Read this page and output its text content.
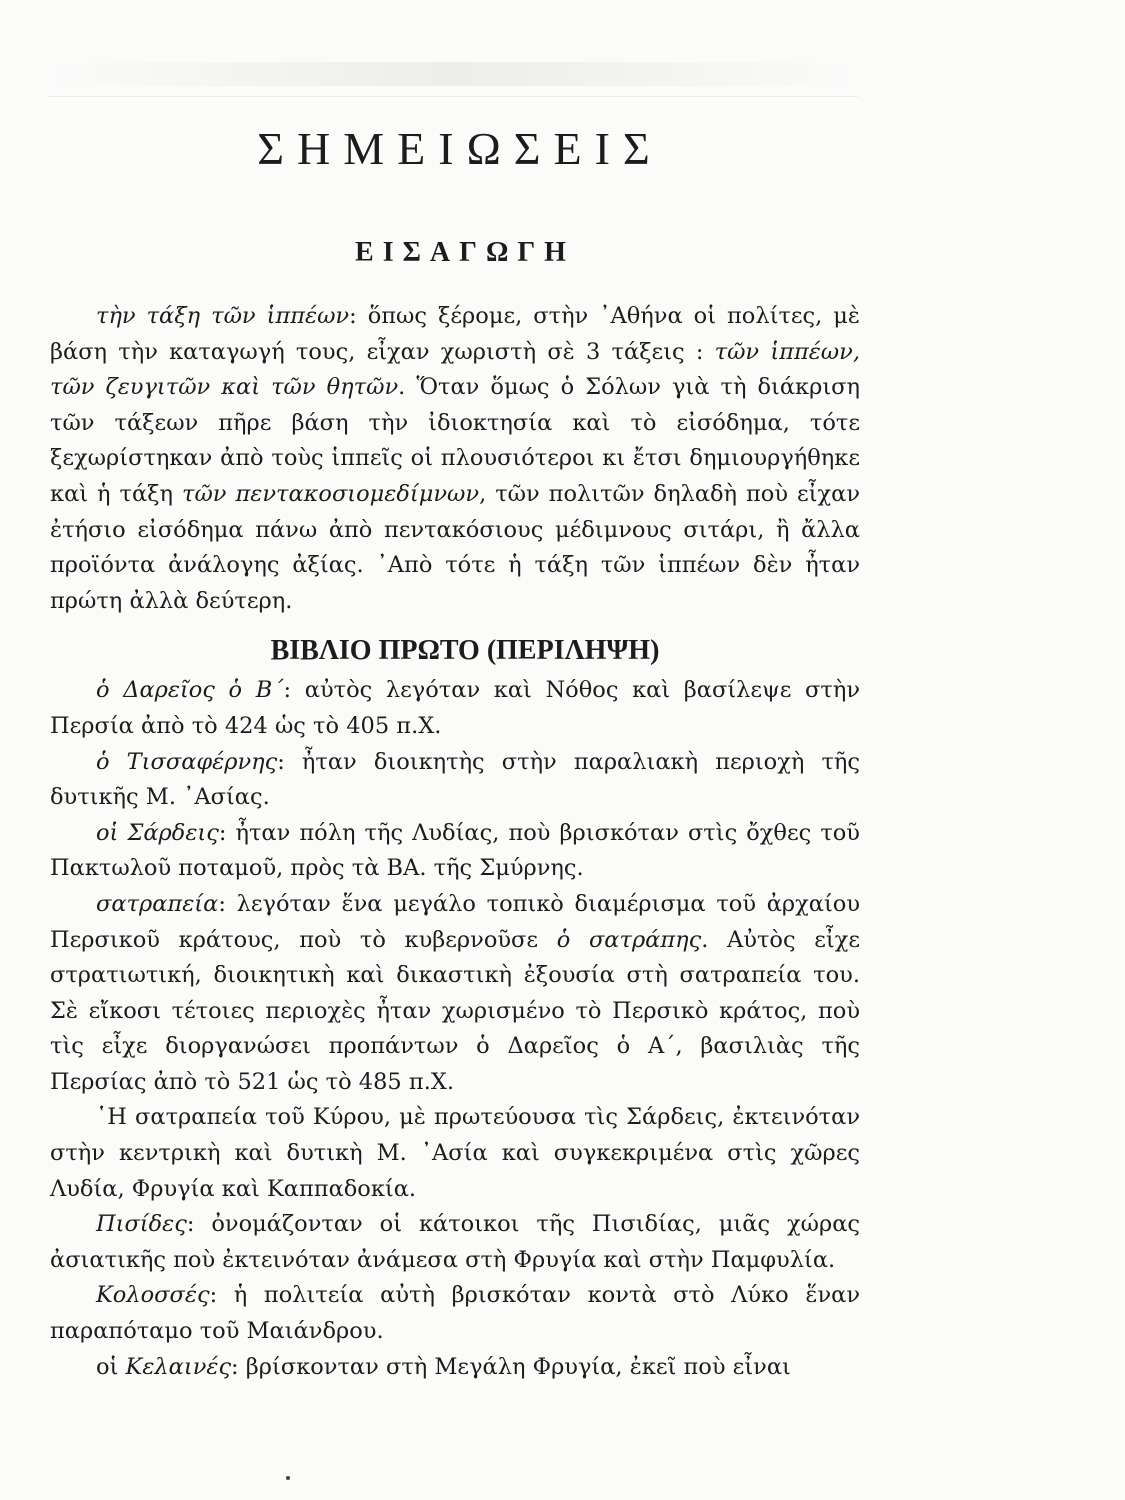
ΣΗΜΕΙΩΣΕΙΣ
ΕΙΣΑΓΩΓΗ

τὴν τάξη τῶν ἱππέων: ὅπως ξέρομε, στὴν ᾿Αθήνα οἱ πολίτες, μὲ βάση τὴν καταγωγή τους, εἶχαν χωριστὴ σὲ 3 τάξεις : τῶν ἱππέων, τῶν ζευγιτῶν καὶ τῶν θητῶν. Ὅταν ὅμως ὁ Σόλων γιὰ τὴ διάκριση τῶν τάξεων πῆρε βάση τὴν ἰδιοκτησία καὶ τὸ εἰσόδημα, τότε ξεχωρίστηκαν ἀπὸ τοὺς ἱππεῖς οἱ πλουσιότεροι κι ἔτσι δημιουργήθηκε καὶ ἡ τάξη τῶν πεντακοσιομεδίμνων, τῶν πολιτῶν δηλαδὴ ποὺ εἶχαν ἐτήσιο εἰσόδημα πάνω ἀπὸ πεντακόσιους μέδιμνους σιτάρι, ἢ ἄλλα προϊόντα ἀνάλογης ἀξίας. ᾿Απὸ τότε ἡ τάξη τῶν ἱππέων δὲν ἦταν πρώτη ἀλλὰ δεύτερη.

ΒΙΒΛΙΟ ΠΡΩΤΟ (ΠΕΡΙΛΗΨΗ)

ὁ Δαρεῖος ὁ Β΄: αὐτὸς λεγόταν καὶ Νόθος καὶ βασίλεψε στὴν Περσία ἀπὸ τὸ 424 ὡς τὸ 405 π.Χ.

ὁ Τισσαφέρνης: ἦταν διοικητὴς στὴν παραλιακὴ περιοχὴ τῆς δυτικῆς Μ. ᾿Ασίας.

οἱ Σάρδεις: ἦταν πόλη τῆς Λυδίας, ποὺ βρισκόταν στὶς ὄχθες τοῦ Πακτωλοῦ ποταμοῦ, πρὸς τὰ ΒΑ. τῆς Σμύρνης.

σατραπεία: λεγόταν ἕνα μεγάλο τοπικὸ διαμέρισμα τοῦ ἀρχαίου Περσικοῦ κράτους, ποὺ τὸ κυβερνοῦσε ὁ σατράπης. Αὐτὸς εἶχε στρατιωτική, διοικητικὴ καὶ δικαστικὴ ἐξουσία στὴ σατραπεία του. Σὲ εἴκοσι τέτοιες περιοχὲς ἦταν χωρισμένο τὸ Περσικὸ κράτος, ποὺ τὶς εἶχε διοργανώσει προπάντων ὁ Δαρεῖος ὁ Α΄, βασιλιὰς τῆς Περσίας ἀπὸ τὸ 521 ὡς τὸ 485 π.Χ.

῾Η σατραπεία τοῦ Κύρου, μὲ πρωτεύουσα τὶς Σάρδεις, ἐκτεινόταν στὴν κεντρικὴ καὶ δυτικὴ Μ. ᾿Ασία καὶ συγκεκριμένα στὶς χῶρες Λυδία, Φρυγία καὶ Καππαδοκία.

Πισίδες: ὀνομάζονταν οἱ κάτοικοι τῆς Πισιδίας, μιᾶς χώρας ἀσιατικῆς ποὺ ἐκτεινόταν ἀνάμεσα στὴ Φρυγία καὶ στὴν Παμφυλία.

Κολοσσές: ἡ πολιτεία αὐτὴ βρισκόταν κοντὰ στὸ Λύκο ἕναν παραπόταμο τοῦ Μαιάνδρου.

οἱ Κελαινές: βρίσκονταν στὴ Μεγάλη Φρυγία, ἐκεῖ ποὺ εἶναι
